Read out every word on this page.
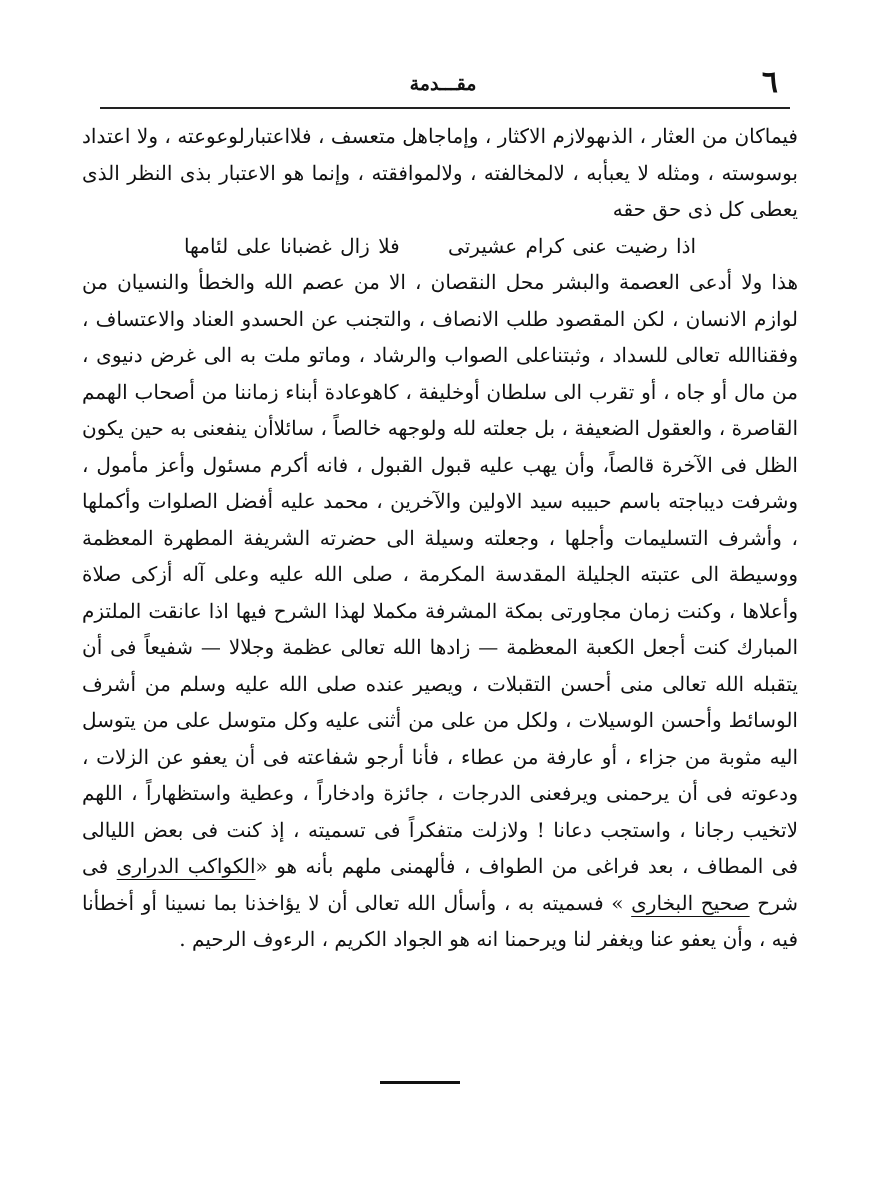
٦
مقـــدمة

فيماكان من العثار ، الذىهولازم الاكثار ، وإماجاهل متعسف ، فلااعتبارلوعوعته ، ولا اعتداد بوسوسته ، ومثله لا يعبأبه ، لالمخالفته ، ولالموافقته ، وإنما هو الاعتبار بذى النظر الذى يعطى كل ذى حق حقه

اذا رضيت عنى كرام عشيرتى فلا زال غضبانا على لئامها

هذا ولا أدعى العصمة والبشر محل النقصان ، الا من عصم الله والخطأ والنسيان من لوازم الانسان ، لكن المقصود طلب الانصاف ، والتجنب عن الحسدو العناد والاعتساف ، وفقناالله تعالى للسداد ، وثبتناعلى الصواب والرشاد ، وماتو ملت به الى غرض دنيوى ، من مال أو جاه ، أو تقرب الى سلطان أوخليفة ، كاهوعادة أبناء زماننا من أصحاب الهمم القاصرة ، والعقول الضعيفة ، بل جعلته لله ولوجهه خالصاً ، سائلاأن ينفعنى به حين يكون الظل فى الآخرة قالصاً، وأن يهب عليه قبول القبول ، فانه أكرم مسئول وأعز مأمول ، وشرفت ديباجته باسم حبيبه سيد الاولين والآخرين ، محمد عليه أفضل الصلوات وأكملها ، وأشرف التسليمات وأجلها ، وجعلته وسيلة الى حضرته الشريفة المطهرة المعظمة ووسيطة الى عتبته الجليلة المقدسة المكرمة ، صلى الله عليه وعلى آله أزكى صلاة وأعلاها ، وكنت زمان مجاورتى بمكة المشرفة مكملا لهذا الشرح فيها اذا عانقت الملتزم المبارك كنت أجعل الكعبة المعظمة — زادها الله تعالى عظمة وجلالا — شفيعاً فى أن يتقبله الله تعالى منى أحسن التقبلات ، ويصير عنده صلى الله عليه وسلم من أشرف الوسائط وأحسن الوسيلات ، ولكل من على من أثنى عليه وكل متوسل على من يتوسل اليه مثوبة من جزاء ، أو عارفة من عطاء ، فأنا أرجو شفاعته فى أن يعفو عن الزلات ، ودعوته فى أن يرحمنى ويرفعنى الدرجات ، جائزة وادخاراً ، وعطية واستظهاراً ، اللهم لاتخيب رجانا ، واستجب دعانا ! ولازلت متفكراً فى تسميته ، إذ كنت فى بعض الليالى فى المطاف ، بعد فراغى من الطواف ، فألهمنى ملهم بأنه هو «الكواكب الدرارى فى شرح صحيح البخارى » فسميته به ، وأسأل الله تعالى أن لا يؤاخذنا بما نسينا أو أخطأنا فيه ، وأن يعفو عنا ويغفر لنا ويرحمنا انه هو الجواد الكريم ، الرءوف الرحيم .
